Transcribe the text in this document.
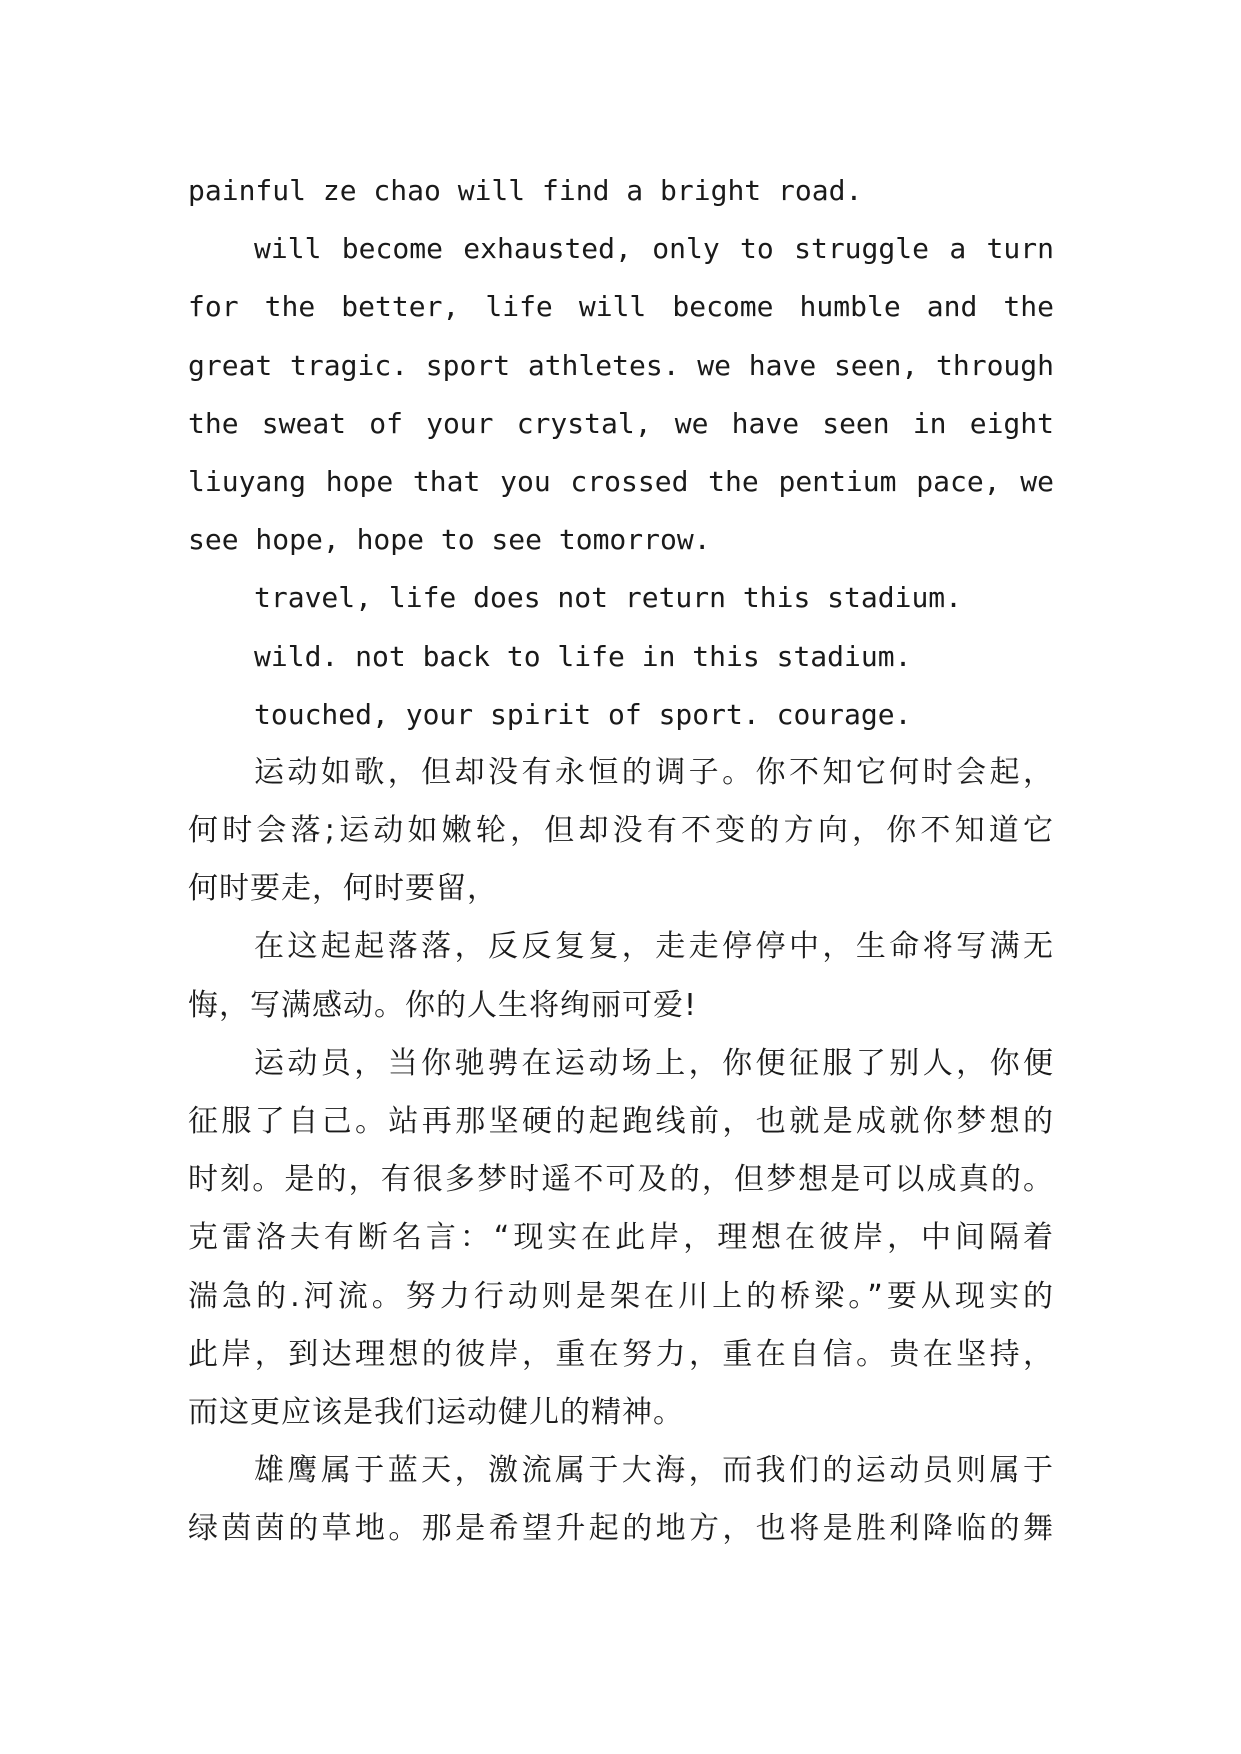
painful ze chao will find a bright road.
will become exhausted, only to struggle a turn
for the better, life will become humble and the
great tragic. sport athletes. we have seen, through
the sweat of your crystal, we have seen in eight
liuyang hope that you crossed the pentium pace, we
see hope, hope to see tomorrow.
travel, life does not return this stadium.
wild. not back to life in this stadium.
touched, your spirit of sport. courage.
运动如歌，但却没有永恒的调子。你不知它何时会起，
何时会落;运动如嫩轮，但却没有不变的方向，你不知道它
何时要走，何时要留，
在这起起落落，反反复复，走走停停中，生命将写满无
悔，写满感动。你的人生将绚丽可爱!
运动员，当你驰骋在运动场上，你便征服了别人，你便
征服了自己。站再那坚硬的起跑线前，也就是成就你梦想的
时刻。是的，有很多梦时遥不可及的，但梦想是可以成真的。
克雷洛夫有断名言：“现实在此岸，理想在彼岸，中间隔着
湍急的.河流。努力行动则是架在川上的桥梁。”要从现实的
此岸，到达理想的彼岸，重在努力，重在自信。贵在坚持，
而这更应该是我们运动健儿的精神。
雄鹰属于蓝天，激流属于大海，而我们的运动员则属于
绿茵茵的草地。那是希望升起的地方，也将是胜利降临的舞
